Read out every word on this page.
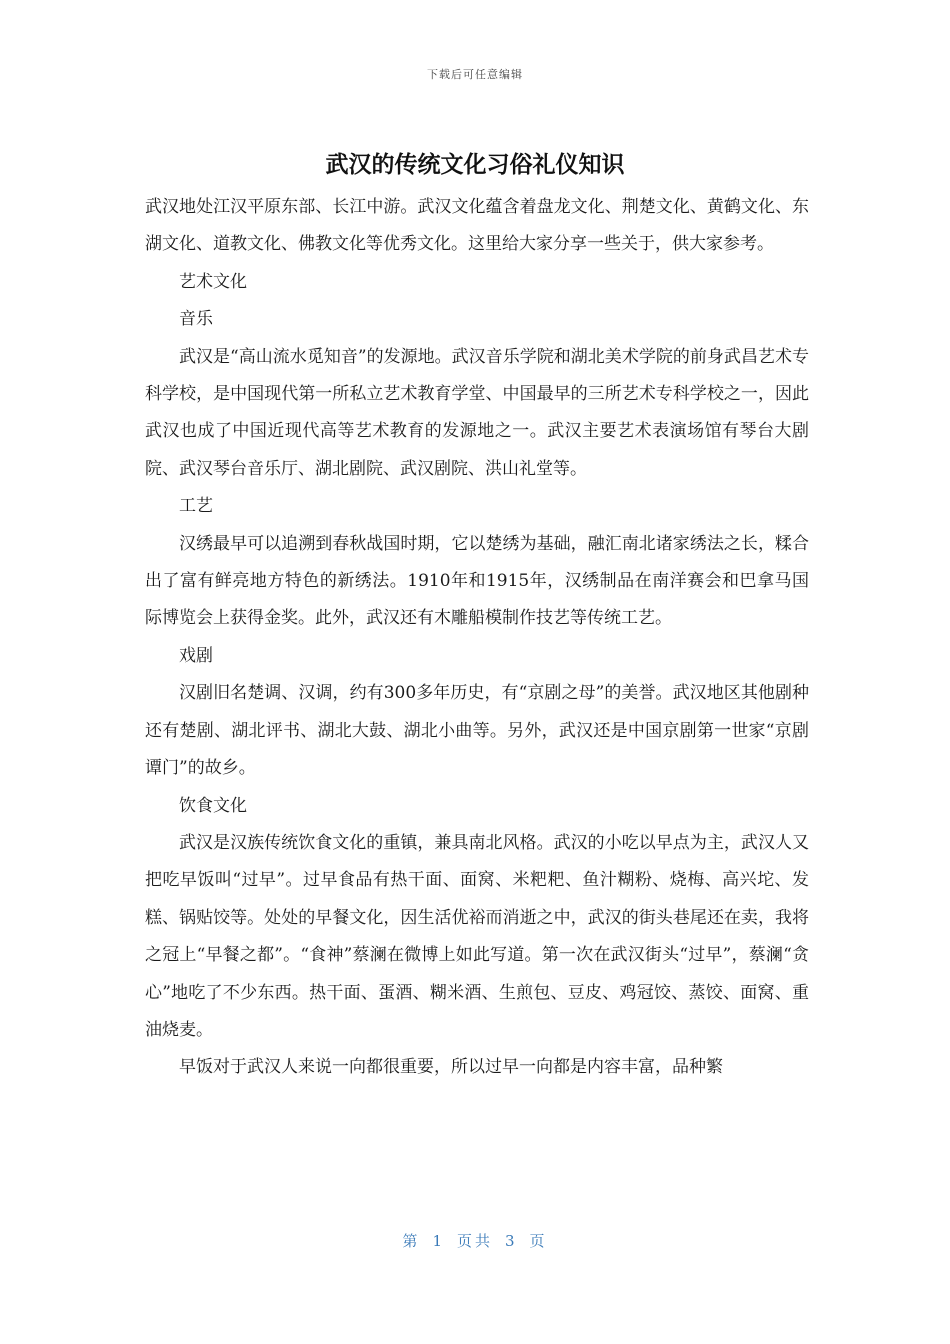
下载后可任意编辑
武汉的传统文化习俗礼仪知识

武汉地处江汉平原东部、长江中游。武汉文化蕴含着盘龙文化、荆楚文化、黄鹤文化、东湖文化、道教文化、佛教文化等优秀文化。这里给大家分享一些关于，供大家参考。

艺术文化

音乐

武汉是“高山流水觅知音”的发源地。武汉音乐学院和湖北美术学院的前身武昌艺术专科学校，是中国现代第一所私立艺术教育学堂、中国最早的三所艺术专科学校之一，因此武汉也成了中国近现代高等艺术教育的发源地之一。武汉主要艺术表演场馆有琴台大剧院、武汉琴台音乐厅、湖北剧院、武汉剧院、洪山礼堂等。

工艺

汉绣最早可以追溯到春秋战国时期，它以楚绣为基础，融汇南北诸家绣法之长，糅合出了富有鲜亮地方特色的新绣法。1910年和1915年，汉绣制品在南洋赛会和巴拿马国际博览会上获得金奖。此外，武汉还有木雕船模制作技艺等传统工艺。

戏剧

汉剧旧名楚调、汉调，约有300多年历史，有“京剧之母”的美誉。武汉地区其他剧种还有楚剧、湖北评书、湖北大鼓、湖北小曲等。另外，武汉还是中国京剧第一世家“京剧谭门”的故乡。

饮食文化

武汉是汉族传统饮食文化的重镇，兼具南北风格。武汉的小吃以早点为主，武汉人又把吃早饭叫“过早”。过早食品有热干面、面窝、米粑粑、鱼汁糊粉、烧梅、高兴坨、发糕、锅贴饺等。处处的早餐文化，因生活优裕而消逝之中，武汉的街头巷尾还在卖，我将之冠上“早餐之都”。“食神”蔡澜在微博上如此写道。第一次在武汉街头“过早”，蔡澜“贪心”地吃了不少东西。热干面、蛋酒、糊米酒、生煎包、豆皮、鸡冠饺、蒸饺、面窝、重油烧麦。

早饭对于武汉人来说一向都很重要，所以过早一向都是内容丰富，品种繁

第 1 页共 3 页
